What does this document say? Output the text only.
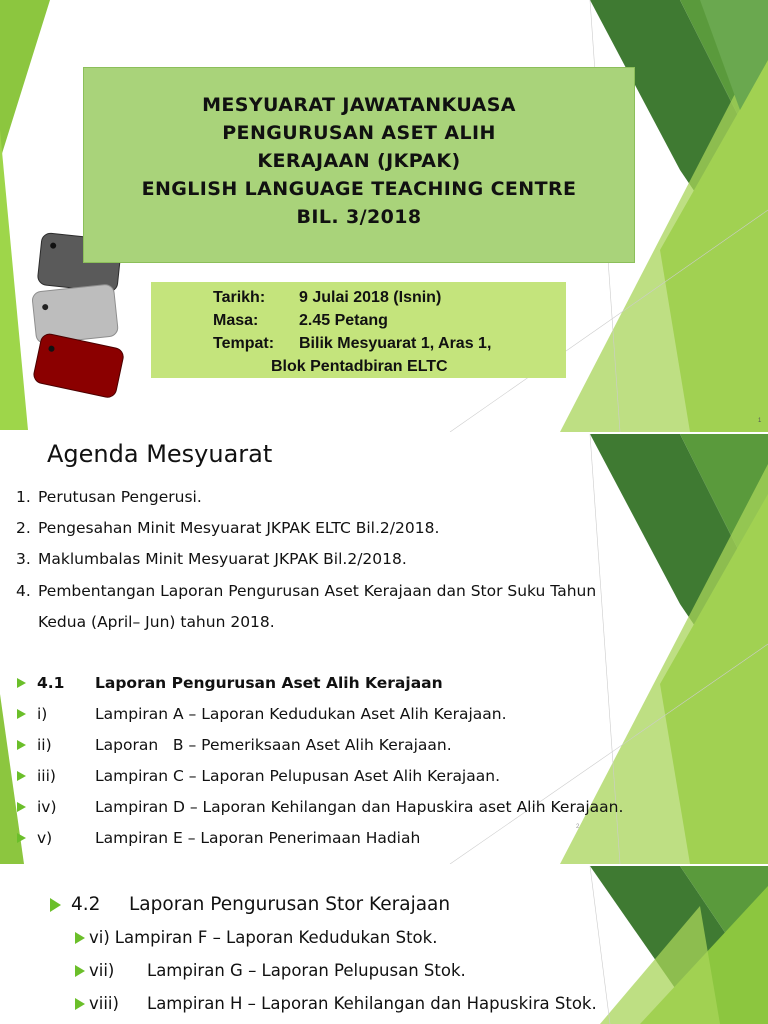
MESYUARAT JAWATANKUASA
PENGURUSAN ASET ALIH
KERAJAAN (JKPAK)
ENGLISH LANGUAGE TEACHING CENTRE
BIL. 3/2018
Tarikh:	9 Julai 2018 (Isnin)
Masa:	2.45 Petang
Tempat:	Bilik Mesyuarat 1, Aras 1,
Blok Pentadbiran ELTC
1
Agenda Mesyuarat
1. Perutusan Pengerusi.
2. Pengesahan Minit Mesyuarat JKPAK ELTC Bil.2/2018.
3. Maklumbalas Minit Mesyuarat JKPAK Bil.2/2018.
4. Pembentangan Laporan Pengurusan Aset Kerajaan dan Stor Suku Tahun
Kedua (April– Jun) tahun 2018.
4.1	Laporan Pengurusan Aset Alih Kerajaan
i)	Lampiran A – Laporan Kedudukan Aset Alih Kerajaan.
ii)	Laporan   B – Pemeriksaan Aset Alih Kerajaan.
iii)	Lampiran C – Laporan Pelupusan Aset Alih Kerajaan.
iv)	Lampiran D – Laporan Kehilangan dan Hapuskira aset Alih Kerajaan.
v)	Lampiran E – Laporan Penerimaan Hadiah
2
4.2	Laporan Pengurusan Stor Kerajaan
vi) Lampiran F – Laporan Kedudukan Stok.
vii)	Lampiran G – Laporan Pelupusan Stok.
viii)	Lampiran H – Laporan Kehilangan dan Hapuskira Stok.
